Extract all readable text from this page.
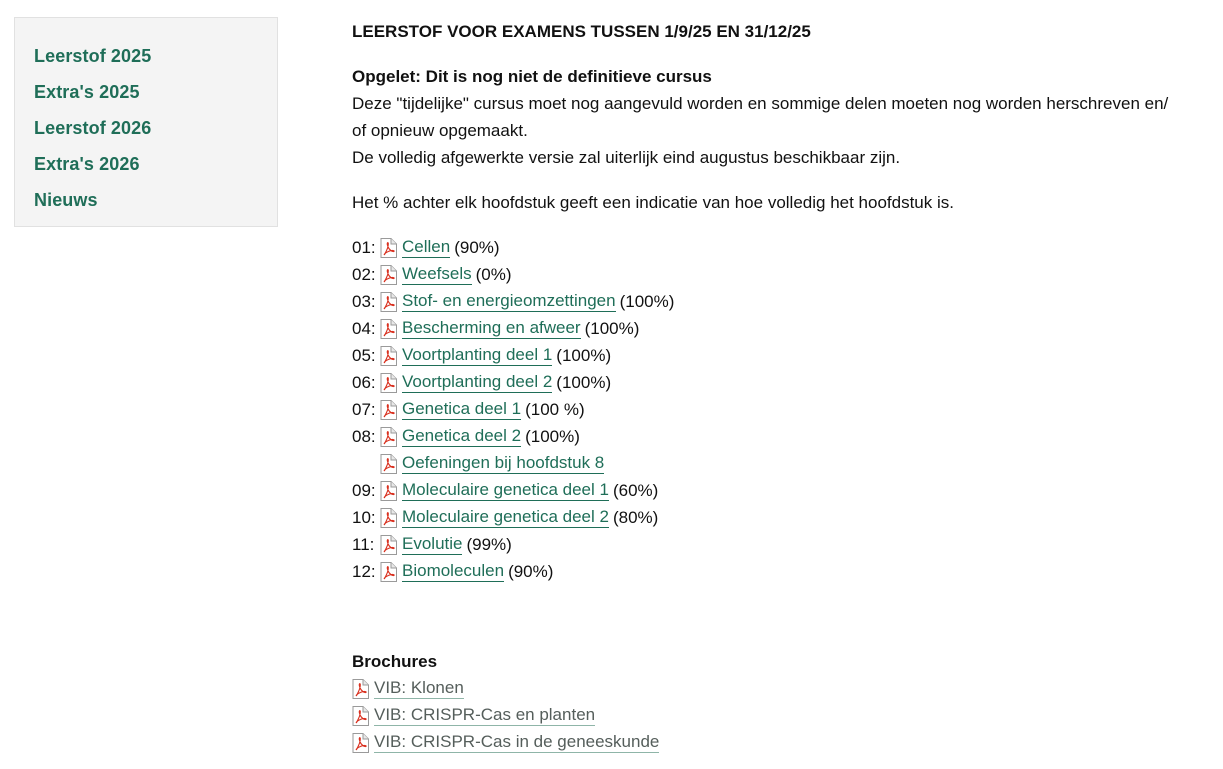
Leerstof 2025
Extra's 2025
Leerstof 2026
Extra's 2026
Nieuws
LEERSTOF VOOR EXAMENS TUSSEN 1/9/25 EN 31/12/25

Opgelet: Dit is nog niet de definitieve cursus

Deze "tijdelijke" cursus moet nog aangevuld worden en sommige delen moeten nog worden herschreven en/

of opnieuw opgemaakt.

De volledig afgewerkte versie zal uiterlijk eind augustus beschikbaar zijn.

Het % achter elk hoofdstuk geeft een indicatie van hoe volledig het hoofdstuk is.

01: Cellen (90%)
02: Weefsels (0%)
03: Stof- en energieomzettingen (100%)
04: Bescherming en afweer (100%)
05: Voortplanting deel 1 (100%)
06: Voortplanting deel 2 (100%)
07: Genetica deel 1 (100 %)
08: Genetica deel 2 (100%)
Oefeningen bij hoofdstuk 8
09: Moleculaire genetica deel 1 (60%)
10: Moleculaire genetica deel 2 (80%)
11:	Evolutie (99%)
12: Biomoleculen (90%)

Brochures

VIB: Klonen
VIB: CRISPR-Cas en planten
VIB: CRISPR-Cas in de geneeskunde
